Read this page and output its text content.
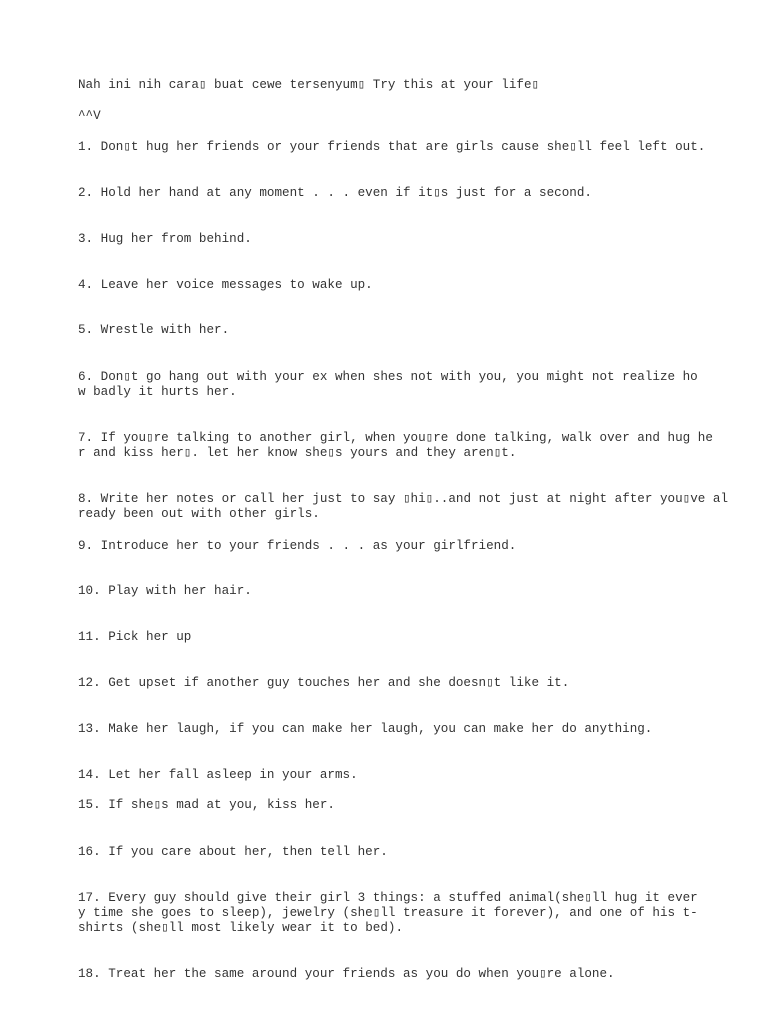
Nah ini nih cara▯ buat cewe tersenyum▯ Try this at your life▯

^^V

1. Don▯t hug her friends or your friends that are girls cause she▯ll feel left out.

2. Hold her hand at any moment . . . even if it▯s just for a second.

3. Hug her from behind.

4. Leave her voice messages to wake up.

5. Wrestle with her.

6. Don▯t go hang out with your ex when shes not with you, you might not realize ho

w badly it hurts her.

7. If you▯re talking to another girl, when you▯re done talking, walk over and hug he

r and kiss her▯. let her know she▯s yours and they aren▯t.

8. Write her notes or call her just to say ▯hi▯..and not just at night after you▯ve al

ready been out with other girls.

9. Introduce her to your friends . . . as your girlfriend.

10. Play with her hair.

11. Pick her up

12. Get upset if another guy touches her and she doesn▯t like it.

13. Make her laugh, if you can make her laugh, you can make her do anything.

14. Let her fall asleep in your arms.

15. If she▯s mad at you, kiss her.

16. If you care about her, then tell her.

17. Every guy should give their girl 3 things: a stuffed animal(she▯ll hug it ever

y time she goes to sleep), jewelry (she▯ll treasure it forever), and one of his t-

shirts (she▯ll most likely wear it to bed).

18. Treat her the same around your friends as you do when you▯re alone.
